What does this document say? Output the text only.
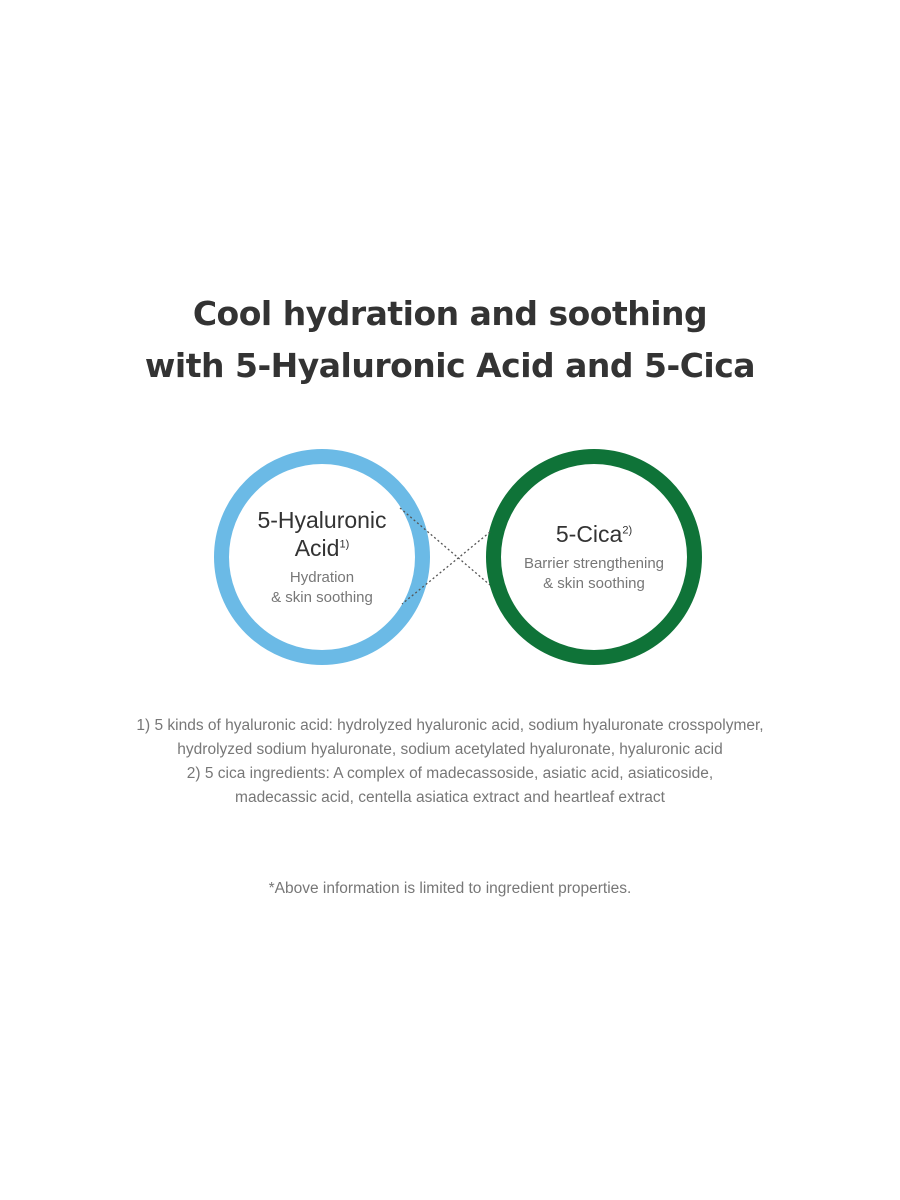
Cool hydration and soothing
with 5-Hyaluronic Acid and 5-Cica
5-Hyaluronic
Acid$^{1)}$
Hydration
& skin soothing
5-Cica$^{2)}$
Barrier strengthening
& skin soothing
1) 5 kinds of hyaluronic acid: hydrolyzed hyaluronic acid, sodium hyaluronate crosspolymer,
hydrolyzed sodium hyaluronate, sodium acetylated hyaluronate, hyaluronic acid
2) 5 cica ingredients: A complex of madecassoside, asiatic acid, asiaticoside,
madecassic acid, centella asiatica extract and heartleaf extract
*Above information is limited to ingredient properties.
